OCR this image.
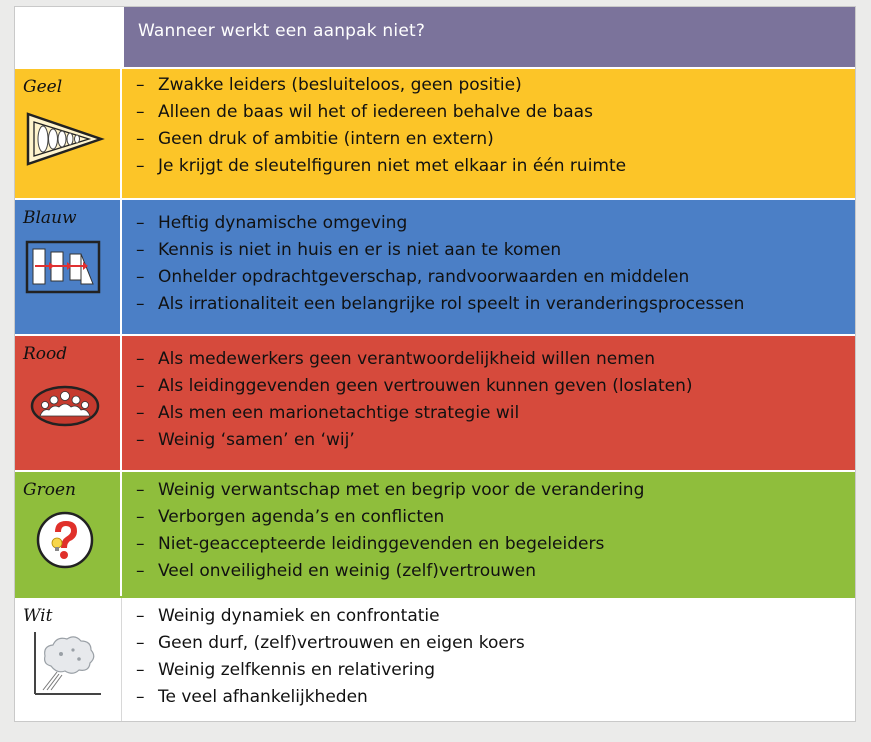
Wanneer werkt een aanpak niet?
Geel	– Zwakke leiders (besluiteloos, geen positie)
– Alleen de baas wil het of iedereen behalve de baas
– Geen druk of ambitie (intern en extern)
– Je krijgt de sleutelfiguren niet met elkaar in één ruimte
Blauw	– Heftig dynamische omgeving
– Kennis is niet in huis en er is niet aan te komen
– Onhelder opdrachtgeverschap, randvoorwaarden en middelen
– Als irrationaliteit een belangrijke rol speelt in veranderingsprocessen
Rood	– Als medewerkers geen verantwoordelijkheid willen nemen
– Als leidinggevenden geen vertrouwen kunnen geven (loslaten)
– Als men een marionetachtige strategie wil
– Weinig ‘samen’ en ‘wij’
Groen	– Weinig verwantschap met en begrip voor de verandering
– Verborgen agenda’s en conflicten
– Niet-geaccepteerde leidinggevenden en begeleiders
– Veel onveiligheid en weinig (zelf)vertrouwen
Wit	– Weinig dynamiek en confrontatie
– Geen durf, (zelf)vertrouwen en eigen koers
– Weinig zelfkennis en relativering
– Te veel afhankelijkheden
